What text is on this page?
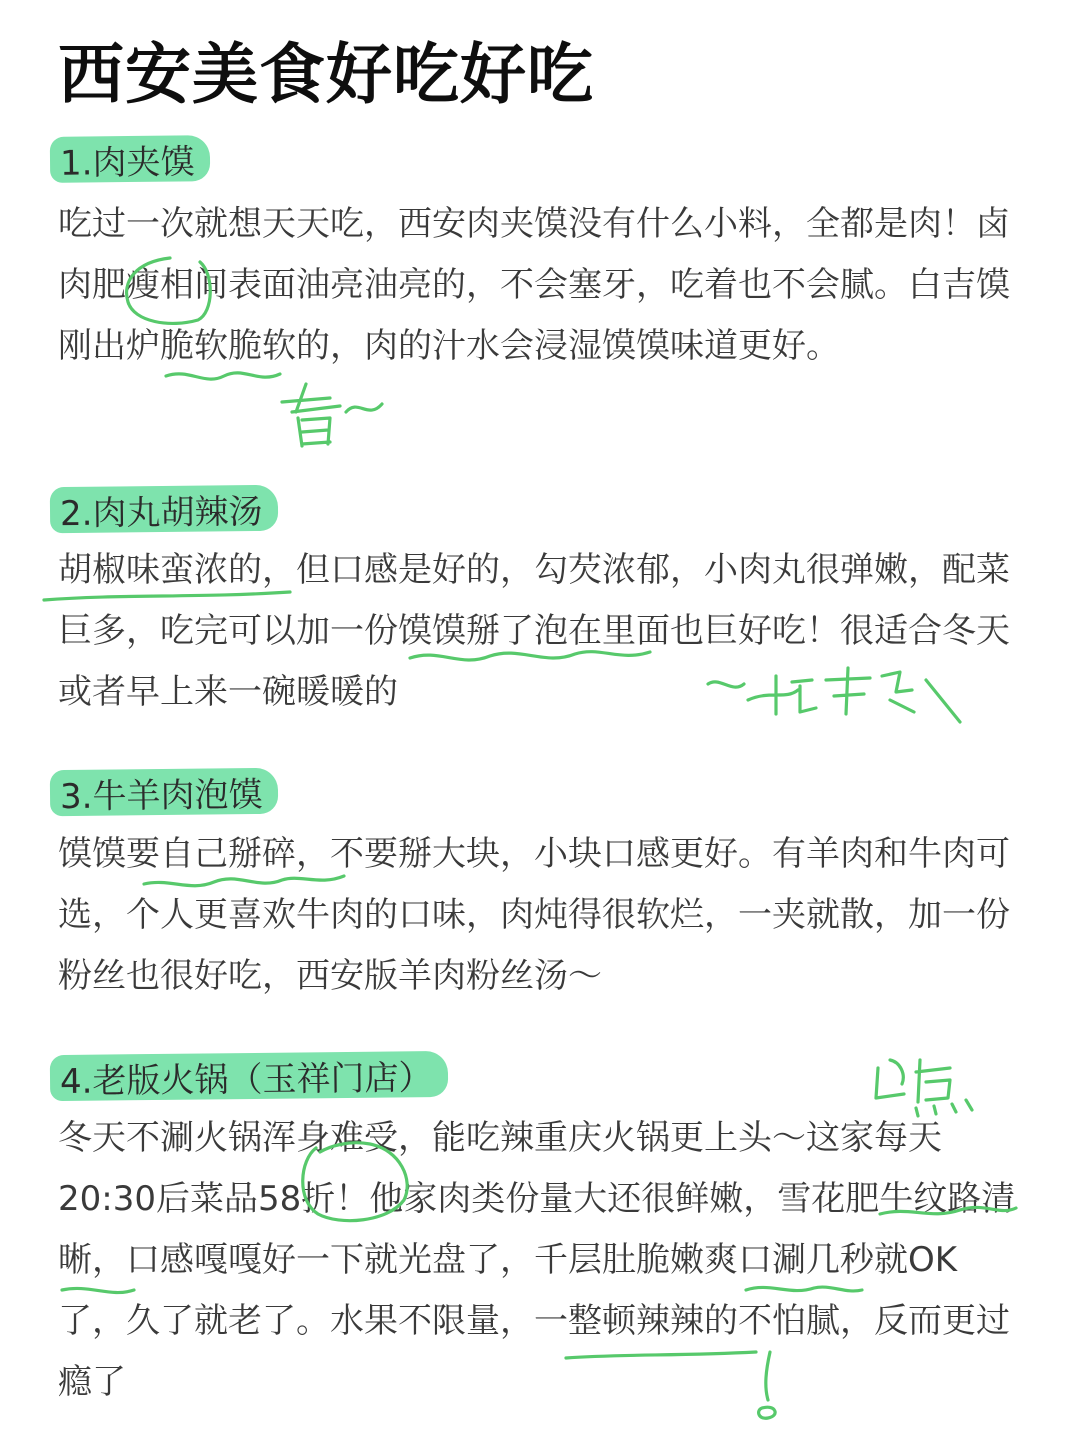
西安美食好吃好吃
1.肉夹馍

吃过一次就想天天吃，西安肉夹馍没有什么小料，全都是肉！卤肉肥瘦相间表面油亮油亮的，不会塞牙，吃着也不会腻。白吉馍刚出炉脆软脆软的，肉的汁水会浸湿馍馍味道更好。

2.肉丸胡辣汤

胡椒味蛮浓的，但口感是好的，勾芡浓郁，小肉丸很弹嫩，配菜巨多，吃完可以加一份馍馍掰了泡在里面也巨好吃！很适合冬天或者早上来一碗暖暖的

3.牛羊肉泡馍

馍馍要自己掰碎，不要掰大块，小块口感更好。有羊肉和牛肉可选，个人更喜欢牛肉的口味，肉炖得很软烂，一夹就散，加一份粉丝也很好吃，西安版羊肉粉丝汤～

4.老版火锅（玉祥门店）

冬天不涮火锅浑身难受，能吃辣重庆火锅更上头～这家每天20:30后菜品58折！他家肉类份量大还很鲜嫩，雪花肥牛纹路清晰，口感嘎嘎好一下就光盘了，千层肚脆嫩爽口涮几秒就OK了，久了就老了。水果不限量，一整顿辣辣的不怕腻，反而更过瘾了
